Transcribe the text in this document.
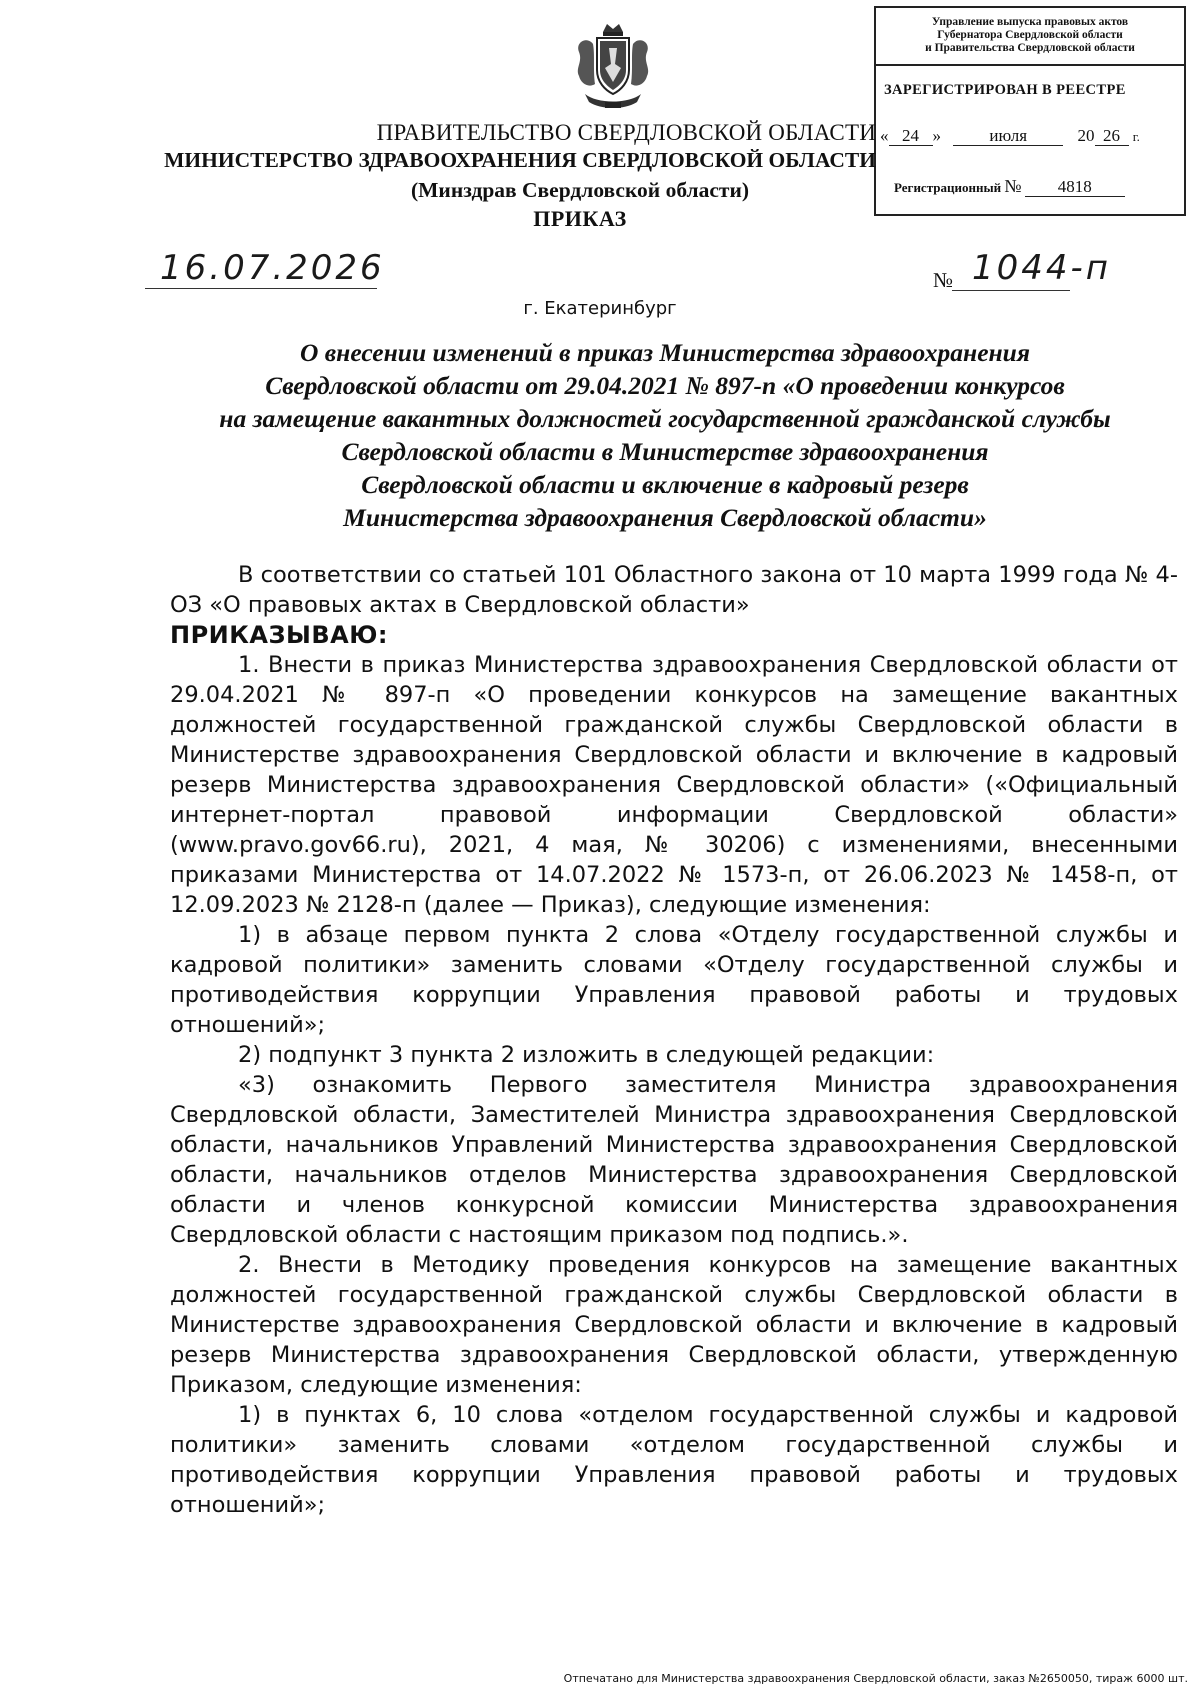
Управление выпуска правовых актов
Губернатора Свердловской области
и Правительства Свердловской области
ЗАРЕГИСТРИРОВАН В РЕЕСТРЕ
« 24 »	июля	20 26 г.
Регистрационный № 4818
ПРАВИТЕЛЬСТВО СВЕРДЛОВСКОЙ ОБЛАСТИ
МИНИСТЕРСТВО ЗДРАВООХРАНЕНИЯ СВЕРДЛОВСКОЙ ОБЛАСТИ
(Минздрав Свердловской области)
ПРИКАЗ
16.07.2026	№ 1044-п
г. Екатеринбург
О внесении изменений в приказ Министерства здравоохранения
Свердловской области от 29.04.2021 № 897-п «О проведении конкурсов
на замещение вакантных должностей государственной гражданской службы
Свердловской области в Министерстве здравоохранения
Свердловской области и включение в кадровый резерв
Министерства здравоохранения Свердловской области»
В соответствии со статьей 101 Областного закона от 10 марта 1999 года № 4-ОЗ «О правовых актах в Свердловской области»
ПРИКАЗЫВАЮ:
1. Внести в приказ Министерства здравоохранения Свердловской области от 29.04.2021 № 897-п «О проведении конкурсов на замещение вакантных должностей государственной гражданской службы Свердловской области в Министерстве здравоохранения Свердловской области и включение в кадровый резерв Министерства здравоохранения Свердловской области» («Официальный интернет-портал правовой информации Свердловской области» (www.pravo.gov66.ru), 2021, 4 мая, № 30206) с изменениями, внесенными приказами Министерства от 14.07.2022 № 1573-п, от 26.06.2023 № 1458-п, от 12.09.2023 № 2128-п (далее — Приказ), следующие изменения:
1) в абзаце первом пункта 2 слова «Отделу государственной службы и кадровой политики» заменить словами «Отделу государственной службы и противодействия коррупции Управления правовой работы и трудовых отношений»;
2) подпункт 3 пункта 2 изложить в следующей редакции:
«3) ознакомить Первого заместителя Министра здравоохранения Свердловской области, Заместителей Министра здравоохранения Свердловской области, начальников Управлений Министерства здравоохранения Свердловской области, начальников отделов Министерства здравоохранения Свердловской области и членов конкурсной комиссии Министерства здравоохранения Свердловской области с настоящим приказом под подпись.».
2. Внести в Методику проведения конкурсов на замещение вакантных должностей государственной гражданской службы Свердловской области в Министерстве здравоохранения Свердловской области и включение в кадровый резерв Министерства здравоохранения Свердловской области, утвержденную Приказом, следующие изменения:
1) в пунктах 6, 10 слова «отделом государственной службы и кадровой политики» заменить словами «отделом государственной службы и противодействия коррупции Управления правовой работы и трудовых отношений»;
Отпечатано для Министерства здравоохранения Свердловской области, заказ №2650050, тираж 6000 шт.
